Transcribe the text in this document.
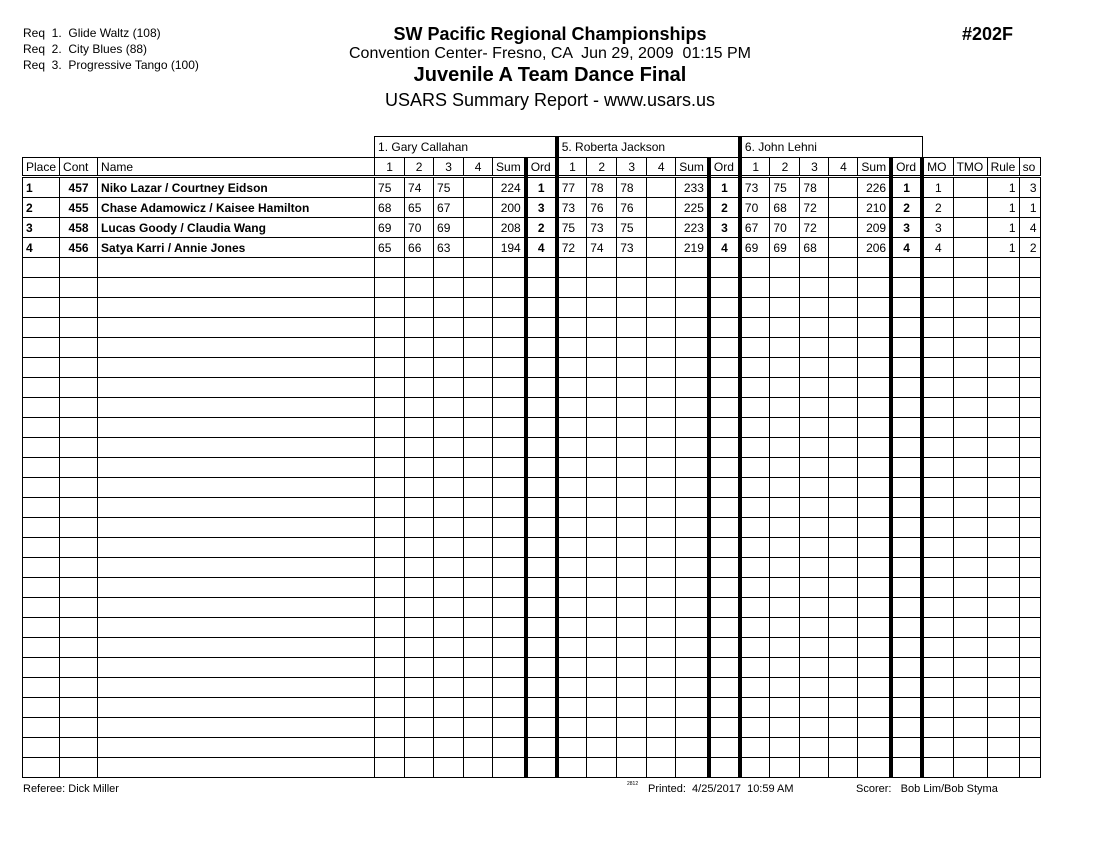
Req  1.  Glide Waltz (108)
Req  2.  City Blues (88)
Req  3.  Progressive Tango (100)
SW Pacific Regional Championships
Convention Center- Fresno, CA  Jun 29, 2009  01:15 PM
Juvenile A Team Dance Final
USARS Summary Report - www.usars.us
#202F
			1. Gary Callahan						5. Roberta Jackson						6. John Lehni									
Place	Cont	Name	1	2	3	4	Sum	Ord	1	2	3	4	Sum	Ord	1	2	3	4	Sum	Ord	MO	TMO	Rule	so
1	457	Niko Lazar / Courtney Eidson	75	74	75		224	1	77	78	78		233	1	73	75	78		226	1	1		1	3
2	455	Chase Adamowicz / Kaisee Hamilton	68	65	67		200	3	73	76	76		225	2	70	68	72		210	2	2		1	1
3	458	Lucas Goody / Claudia Wang	69	70	69		208	2	75	73	75		223	3	67	70	72		209	3	3		1	4
4	456	Satya Karri / Annie Jones	65	66	63		194	4	72	74	73		219	4	69	69	68		206	4	4		1	2

Referee: Dick Miller	2812 Printed:  4/25/2017  10:59 AM	Scorer:   Bob Lim/Bob Styma
